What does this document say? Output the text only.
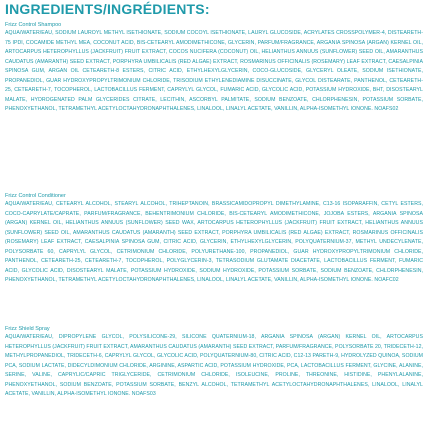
INGREDIENTS/INGRÉDIENTS:
Frizz Control Shampoo

AQUA/WATER/EAU, SODIUM LAUROYL METHYL ISETHIONATE, SODIUM COCOYL ISETHIONATE, LAURYL GLUCOSIDE, ACRYLATES CROSSPOLYMER-4, DISTEARETH-75 IPDI, COCAMIDE METHYL MEA, COCONUT ACID, BIS-CETEARYL AMODIMETHICONE, GLYCERIN, PARFUM/FRAGRANCE, ARGANIA SPINOSA (ARGAN) KERNEL OIL, ARTOCARPUS HETEROPHYLLUS (JACKFRUIT) FRUIT EXTRACT, COCOS NUCIFERA (COCONUT) OIL, HELIANTHUS ANNUUS (SUNFLOWER) SEED OIL, AMARANTHUS CAUDATUS (AMARANTH) SEED EXTRACT, PORPHYRA UMBILICALIS (RED ALGAE) EXTRACT, ROSMARINUS OFFICINALIS (ROSEMARY) LEAF EXTRACT, CAESALPINIA SPINOSA GUM, ARGAN OIL CETEARETH-8 ESTERS, CITRIC ACID, ETHYLHEXYLGLYCERIN, COCO-GLUCOSIDE, GLYCERYL OLEATE, SODIUM ISETHIONATE, PROPANEDIOL, GUAR HYDROXYPROPYLTRIMONIUM CHLORIDE, TRISODIUM ETHYLENEDIAMINE DISUCCINATE, GLYCOL DISTEARATE, PANTHENOL, CETEARETH-25, CETEARETH-7, TOCOPHEROL, LACTOBACILLUS FERMENT, CAPRYLYL GLYCOL, FUMARIC ACID, GLYCOLIC ACID, POTASSIUM HYDROXIDE, BHT, DISOSTEARYL MALATE, HYDROGENATED PALM GLYCERIDES CITRATE, LECITHIN, ASCORBYL PALMITATE, SODIUM BENZOATE, CHLORPHENESIN, POTASSIUM SORBATE, PHENOXYETHANOL, TETRAMETHYL ACETYLOCTAHYDRONAPHTHALENES, LINALOOL, LINALYL ACETATE, VANILLIN, ALPHA-ISOMETHYL IONONE. NOAFS02

Frizz Control Conditioner

AQUA/WATER/EAU, CETEARYL ALCOHOL, STEARYL ALCOHOL, TRIHEPTANOIN, BRASSICAMIDOPROPYL DIMETHYLAMINE, C13-16 ISOPARAFFIN, CETYL ESTERS, COCO-CAPRYLATE/CAPRATE, PARFUM/FRAGRANCE, BEHENTRIMONIUM CHLORIDE, BIS-CETEARYL AMODIMETHICONE, JOJOBA ESTERS, ARGANIA SPINOSA (ARGAN) KERNEL OIL, HELIANTHUS ANNUUS (SUNFLOWER) SEED WAX, ARTOCARPUS HETEROPHYLLUS (JACKFRUIT) FRUIT EXTRACT, HELIANTHUS ANNUUS (SUNFLOWER) SEED OIL, AMARANTHUS CAUDATUS (AMARANTH) SEED EXTRACT, PORPHYRA UMBILICALIS (RED ALGAE) EXTRACT, ROSMARINUS OFFICINALIS (ROSEMARY) LEAF EXTRACT, CAESALPINIA SPINOSA GUM, CITRIC ACID, GLYCERIN, ETHYLHEXYLGLYCERIN, POLYQUATERNIUM-37, METHYL UNDECYLENATE, POLYSORBATE 60, CAPRYLYL GLYCOL, CETRIMONIUM CHLORIDE, POLYURETHANE-100, PROPANEDIOL, GUAR HYDROXYPROPYLTRIMONIUM CHLORIDE, PANTHENOL, CETEARETH-25, CETEARETH-7, TOCOPHEROL, POLYGLYCERIN-3, TETRASODIUM GLUTAMATE DIACETATE, LACTOBACILLUS FERMENT, FUMARIC ACID, GLYCOLIC ACID, DISOSTEARYL MALATE, POTASSIUM HYDROXIDE, SODIUM HYDROXIDE, POTASSIUM SORBATE, SODIUM BENZOATE, CHLORPHENESIN, PHENOXYETHANOL, TETRAMETHYL ACETYLOCTAHYDRONAPHTHALENES, LINALOOL, LINALYL ACETATE, VANILLIN, ALPHA-ISOMETHYL IONONE. NOAFC02

Frizz Shield Spray

AQUA/WATER/EAU, DIPROPYLENE GLYCOL, POLYSILICONE-29, SILICONE QUATERNIUM-18, ARGANIA SPINOSA (ARGAN) KERNEL OIL, ARTOCARPUS HETEROPHYLLUS (JACKFRUIT) FRUIT EXTRACT, AMARANTHUS CAUDATUS (AMARANTH) SEED EXTRACT, PARFUM/FRAGRANCE, POLYSORBATE 20, TRIDECETH-12, METHYLPROPANEDIOL, TRIDECETH-6, CAPRYLYL GLYCOL, GLYCOLIC ACID, POLYQUATERNIUM-80, CITRIC ACID, C12-13 PARETH-9, HYDROLYZED QUINOA, SODIUM PCA, SODIUM LACTATE, DIDECYLDIMONIUM CHLORIDE, ARGININE, ASPARTIC ACID, POTASSIUM HYDROXIDE, PCA, LACTOBACILLUS FERMENT, GLYCINE, ALANINE, SERINE, VALINE, CAPRYLIC/CAPRIC TRIGLYCERIDE, CETRIMONIUM CHLORIDE, ISOLEUCINE, PROLINE, THREONINE, HISTIDINE, PHENYLALANINE, PHENOXYETHANOL, SODIUM BENZOATE, POTASSIUM SORBATE, BENZYL ALCOHOL, TETRAMETHYL ACETYLOCTAHYDRONAPHTHALENES, LINALOOL, LINALYL ACETATE, VANILLIN, ALPHA-ISOMETHYL IONONE. NOAFS03
